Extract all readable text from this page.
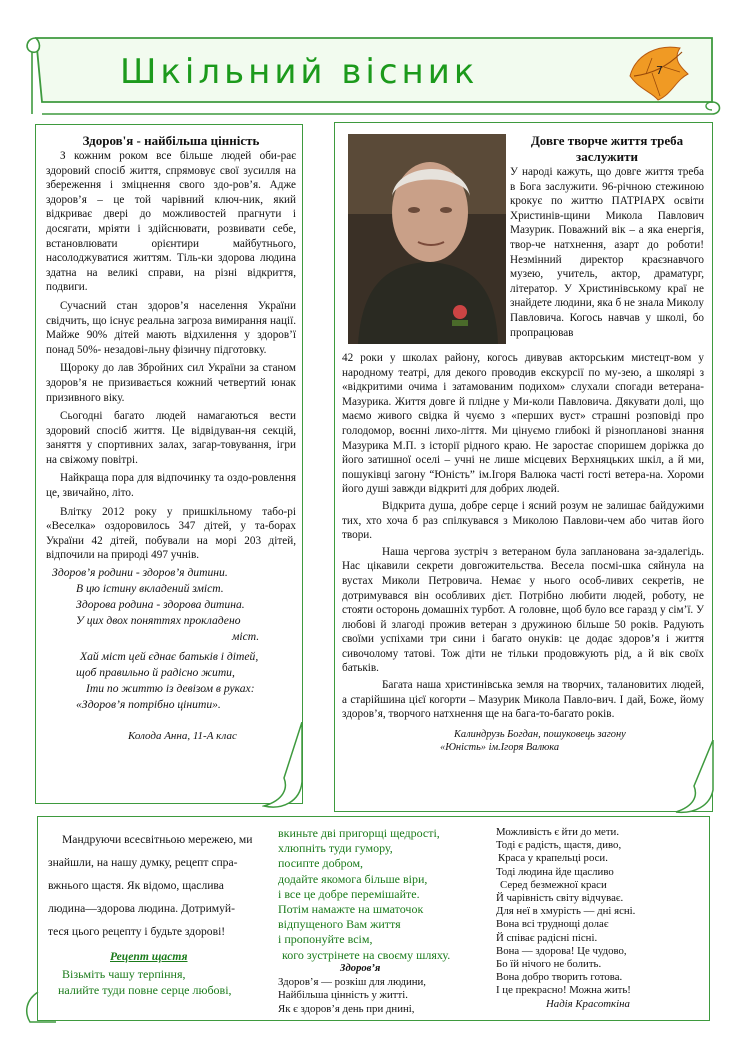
Шкільний вісник	7
Здоров'я - найбільша цінність

З кожним роком все більше людей оби-рає здоровий спосіб життя, спрямовує свої зусилля на збереження і зміцнення свого здо-ров’я. Адже здоров’я – це той чарівний ключ-ник, який відкриває двері до можливостей прагнути і досягати, мріяти і здійснювати, розвивати себе, встановлювати орієнтири майбутнього, насолоджуватися життям. Тіль-ки здорова людина здатна на великі справи, на різні відкриття, подвиги.

Сучасний стан здоров’я населення України свідчить, що існує реальна загроза вимирання нації. Майже 90% дітей мають відхилення у здоров’ї понад 50%- незадові-льну фізичну підготовку.

Щороку до лав Збройних сил України за станом здоров’я не призивається кожний четвертий юнак призивного віку.

Сьогодні багато людей намагаються вести здоровий спосіб життя. Це відвідуван-ня секцій, заняття у спортивних залах, загар-товування, ігри на свіжому повітрі.

Найкраща пора для відпочинку та оздо-ровлення це, звичайно, літо.

Влітку 2012 року у пришкільному табо-рі «Веселка» оздоровилось 347 дітей, у та-борах України 42 дітей, побували на морі 203 дітей, відпочили на природі 497 учнів.

Здоров’я родини - здоров’я дитини.
В цю істину вкладений зміст.
Здорова родина - здорова дитина.
У цих двох поняттях прокладено
міст.
Хай міст цей єднає батьків і дітей,
щоб правильно й радісно жити,
Іти по життю із девізом в руках:
«Здоров’я потрібно цінити».
Колода Анна, 11-А клас
Довге творче життя треба заслужити

У народі кажуть, що довге життя треба в Бога заслужити. 96-річною стежиною крокує по життю ПАТРІАРХ освіти Христинів-щини Микола Павлович Мазурик. Поважний вік – а яка енергія, твор-че натхнення, азарт до роботи! Незмінний директор краєзнавчого музею, учитель, актор, драматург, літератор. У Христинівському краї не знайдете людини, яка б не знала Миколу Павловича. Когось навчав у школі, бо пропрацював

42 роки у школах району, когось дивував акторським мистецт-вом у народному театрі, для декого проводив екскурсії по му-зею, а школярі з «відкритими очима і затамованим подихом» слухали спогади ветерана-Мазурика. Життя довге й плідне у Ми-коли Павловича. Дякувати долі, що маємо живого свідка й чуємо з «перших вуст» страшні розповіді про голодомор, воєнні лихо-ліття. Ми цінуємо глибокі й різнопланові знання Мазурика М.П. з історії рідного краю. Не заростає споришем доріжка до його затишної оселі – учні не лише місцевих Верхняцьких шкіл, а й ми, пошуківці загону “Юність” ім.Ігоря Валюка часті гості ветера-на. Хороми його душі завжди відкриті для добрих людей.

Відкрита душа, добре серце і ясний розум не залишає байдужими тих, хто хоча б раз спілкувався з Миколою Павлови-чем або читав його твори.

Наша чергова зустріч з ветераном була запланована за-здалегідь. Нас цікавили секрети довгожительства. Весела посмі-шка сяйнула на вустах Миколи Петровича. Немає у нього особ-ливих секретів, не дотримувався він особливих дієт. Потрібно любити людей, роботу, не стояти осторонь домашніх турбот. А головне, щоб було все гаразд у сім’ї. У любові й злагоді прожив ветеран з дружиною більше 50 років. Радують своїми успіхами три сини і багато онуків: це додає здоров’я і життя сивочолому татові. Тож діти не тільки продовжують рід, а й вік своїх батьків.

Багата наша христинівська земля на творчих, талановитих людей, а старійшина цієї когорти – Мазурик Микола Павло-вич. І дай, Боже, йому здоров’я, творчого натхнення ще на бага-то-багато років.

Калиндрузь Богдан, пошуковець загону
«Юність» ім.Ігоря Валюка
Мандруючи всесвітньою мережею, ми
знайшли, на нашу думку, рецепт спра-
вжнього щастя. Як відомо, щаслива
людина—здорова людина. Дотримуй-
теся цього рецепту і будьте здорові!
Рецепт щастя
Візьміть чашу терпіння,
налийте туди повне серце любові,
вкиньте дві пригорщі щедрості,
хлюпніть туди гумору,
посипте добром,
додайте якомога більше віри,
і все це добре перемішайте.
Потім намажте на шматочок
відпущеного Вам життя
і пропонуйте всім,
кого зустрінете на своєму шляху.
Здоров’я
Здоров’я — розкіш для людини,
Найбільша цінність у житті.
Як є здоров’я день при днині,
Можливість є йти до мети.
Тоді є радість, щастя, диво,
Краса у крапельці роси.
Тоді людина йде щасливо
Серед безмежної краси
Й чарівність світу відчуває.
Для неї в хмурість — дні ясні.
Вона всі труднощі долає
Й співає радісні пісні.
Вона — здорова! Це чудово,
Бо їй нічого не болить.
Вона добро творить готова.
І це прекрасно! Можна жить!
Надія Красоткіна
